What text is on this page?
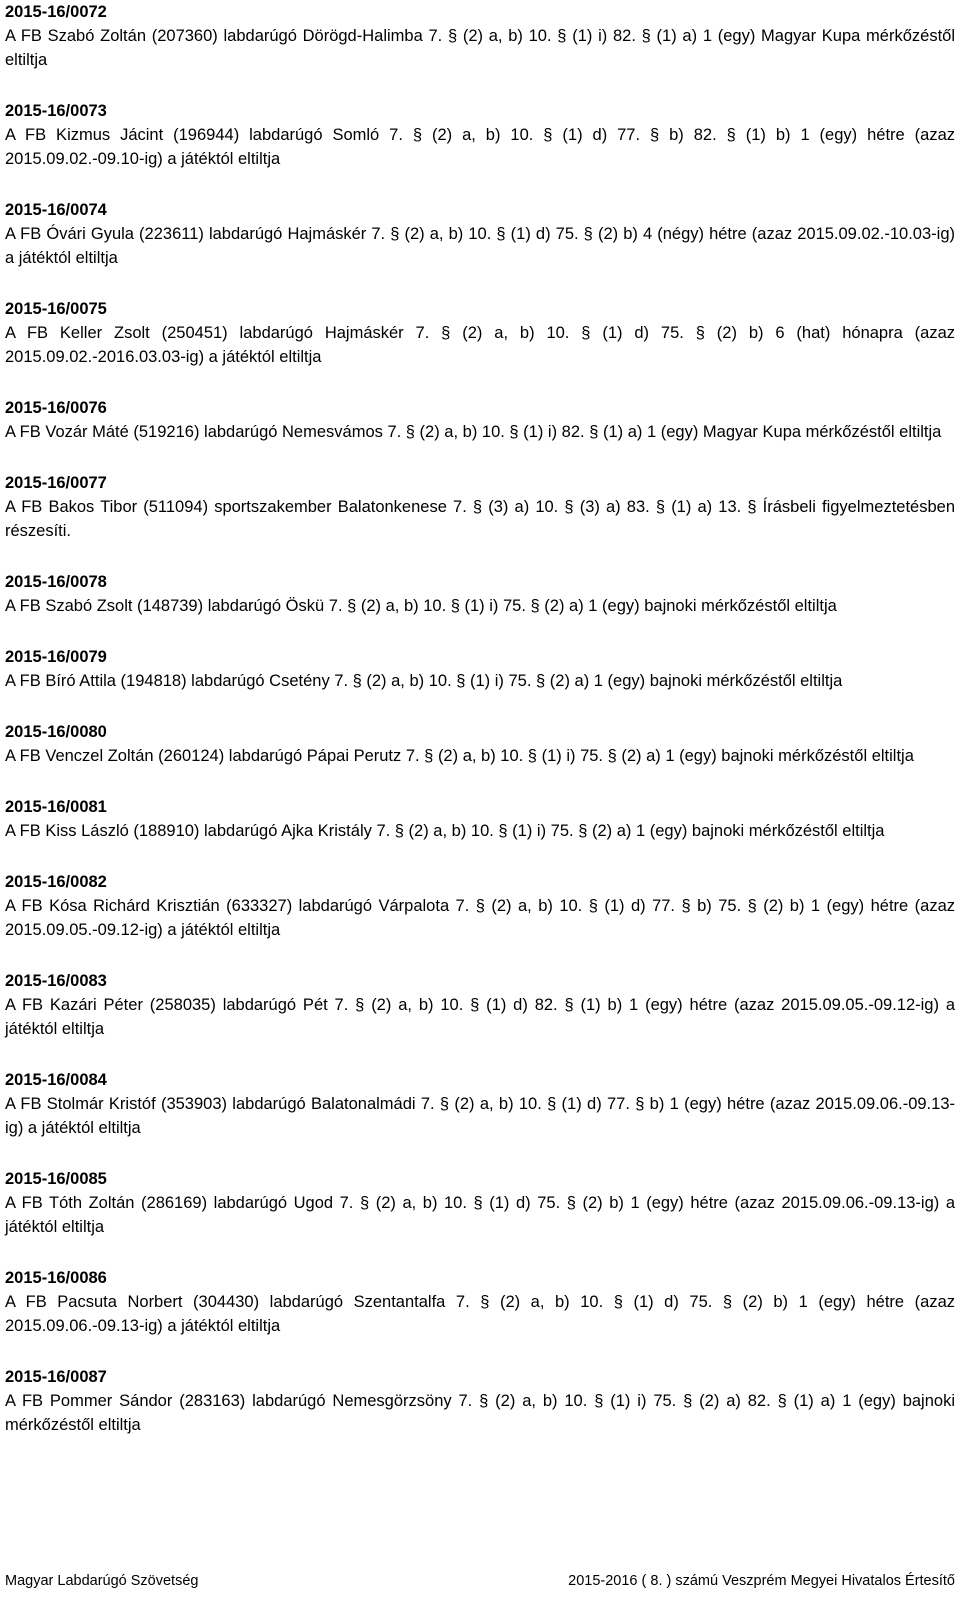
2015-16/0072

A FB Szabó Zoltán (207360) labdarúgó Dörögd-Halimba 7. § (2) a, b) 10. § (1) i) 82. § (1) a) 1 (egy) Magyar Kupa mérkőzéstől eltiltja

2015-16/0073

A FB Kizmus Jácint (196944) labdarúgó Somló 7. § (2) a, b) 10. § (1) d) 77. § b) 82. § (1) b) 1 (egy) hétre (azaz 2015.09.02.-09.10-ig) a játéktól eltiltja

2015-16/0074

A FB Óvári Gyula (223611) labdarúgó Hajmáskér 7. § (2) a, b) 10. § (1) d) 75. § (2) b) 4 (négy) hétre (azaz 2015.09.02.-10.03-ig) a játéktól eltiltja

2015-16/0075

A FB Keller Zsolt (250451) labdarúgó Hajmáskér 7. § (2) a, b) 10. § (1) d) 75. § (2) b) 6 (hat) hónapra (azaz 2015.09.02.-2016.03.03-ig) a játéktól eltiltja

2015-16/0076

A FB Vozár Máté (519216) labdarúgó Nemesvámos 7. § (2) a, b) 10. § (1) i) 82. § (1) a) 1 (egy) Magyar Kupa mérkőzéstől eltiltja

2015-16/0077

A FB Bakos Tibor (511094) sportszakember Balatonkenese 7. § (3) a) 10. § (3) a) 83. § (1) a) 13. § Írásbeli figyelmeztetésben részesíti.

2015-16/0078

A FB Szabó Zsolt (148739) labdarúgó Öskü 7. § (2) a, b) 10. § (1) i) 75. § (2) a) 1 (egy) bajnoki mérkőzéstől eltiltja

2015-16/0079

A FB Bíró Attila (194818) labdarúgó Csetény 7. § (2) a, b) 10. § (1) i) 75. § (2) a) 1 (egy) bajnoki mérkőzéstől eltiltja

2015-16/0080

A FB Venczel Zoltán (260124) labdarúgó Pápai Perutz 7. § (2) a, b) 10. § (1) i) 75. § (2) a) 1 (egy) bajnoki mérkőzéstől eltiltja

2015-16/0081

A FB Kiss László (188910) labdarúgó Ajka Kristály 7. § (2) a, b) 10. § (1) i) 75. § (2) a) 1 (egy) bajnoki mérkőzéstől eltiltja

2015-16/0082

A FB Kósa Richárd Krisztián (633327) labdarúgó Várpalota 7. § (2) a, b) 10. § (1) d) 77. § b) 75. § (2) b) 1 (egy) hétre (azaz 2015.09.05.-09.12-ig) a játéktól eltiltja

2015-16/0083

A FB Kazári Péter (258035) labdarúgó Pét 7. § (2) a, b) 10. § (1) d) 82. § (1) b) 1 (egy) hétre (azaz 2015.09.05.-09.12-ig) a játéktól eltiltja

2015-16/0084

A FB Stolmár Kristóf (353903) labdarúgó Balatonalmádi 7. § (2) a, b) 10. § (1) d) 77. § b) 1 (egy) hétre (azaz 2015.09.06.-09.13-ig) a játéktól eltiltja

2015-16/0085

A FB Tóth Zoltán (286169) labdarúgó Ugod 7. § (2) a, b) 10. § (1) d) 75. § (2) b) 1 (egy) hétre (azaz 2015.09.06.-09.13-ig) a játéktól eltiltja

2015-16/0086

A FB Pacsuta Norbert (304430) labdarúgó Szentantalfa 7. § (2) a, b) 10. § (1) d) 75. § (2) b) 1 (egy) hétre (azaz 2015.09.06.-09.13-ig) a játéktól eltiltja

2015-16/0087

A FB Pommer Sándor (283163) labdarúgó Nemesgörzsöny 7. § (2) a, b) 10. § (1) i) 75. § (2) a) 82. § (1) a) 1 (egy) bajnoki mérkőzéstől eltiltja

Magyar Labdarúgó Szövetség	2015-2016 ( 8. ) számú Veszprém Megyei Hivatalos Értesítő
